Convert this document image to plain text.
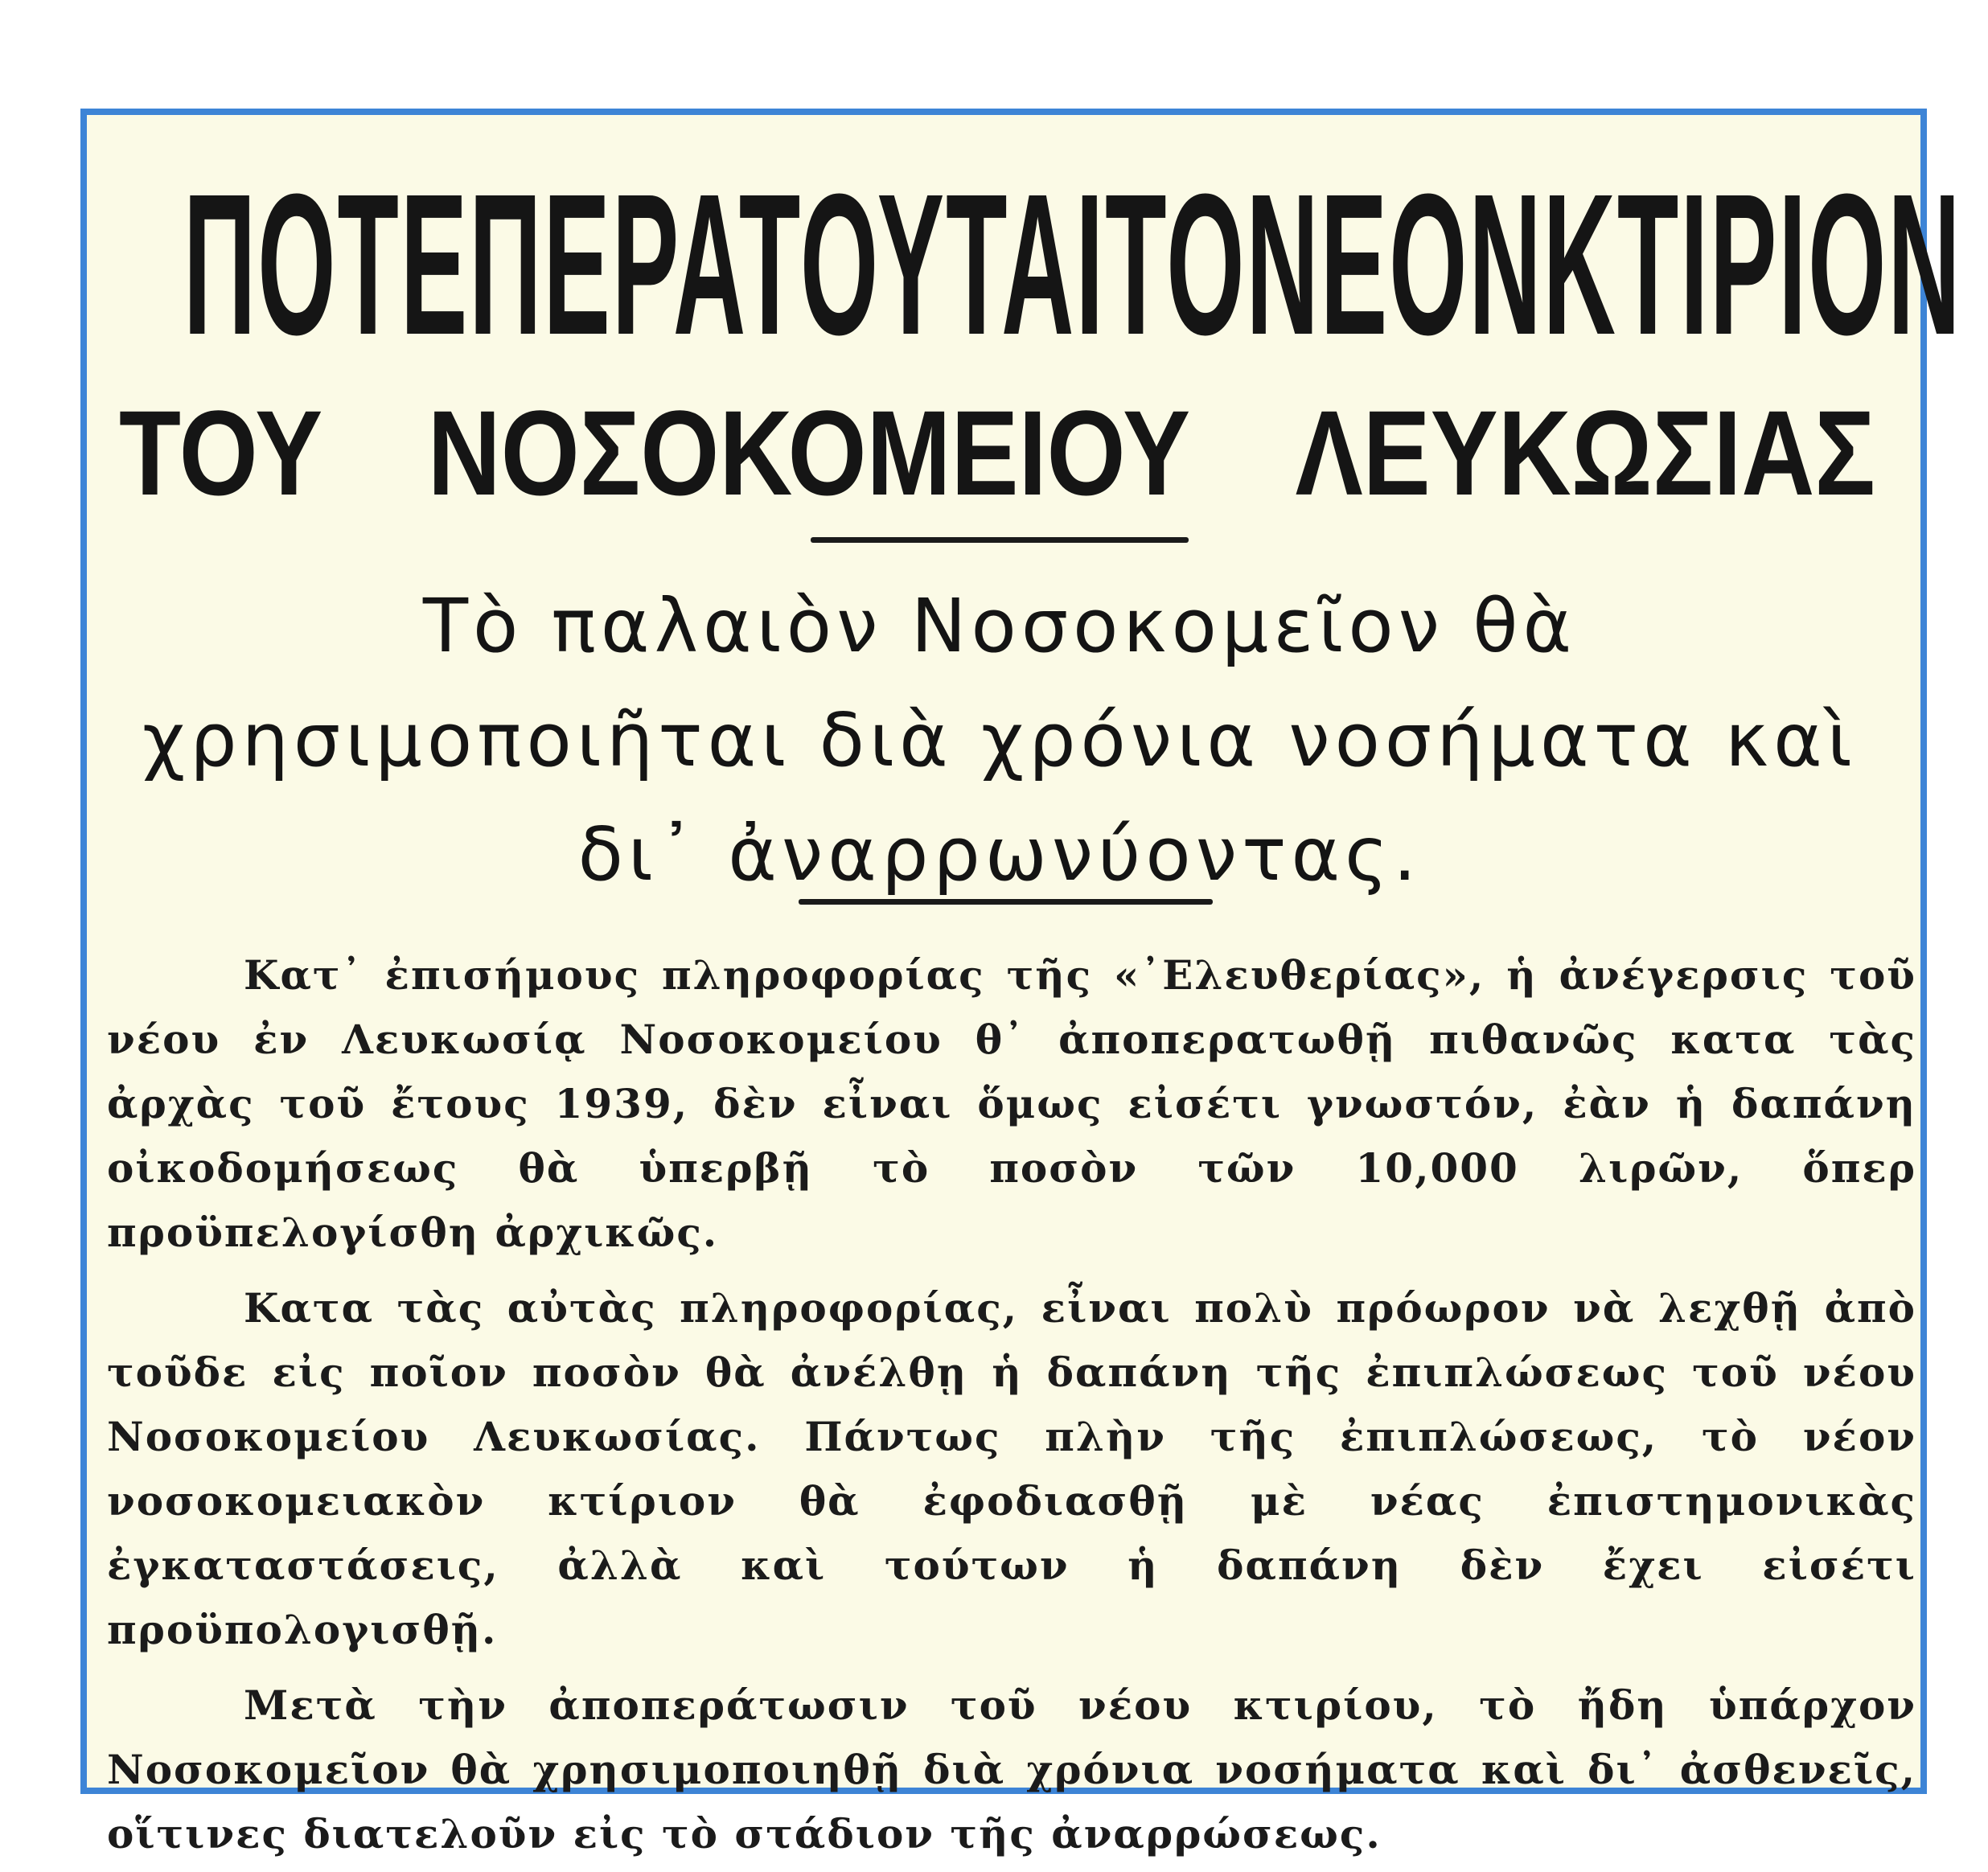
ΠΟΤΕ ΠΕΡΑΤΟΥΤΑΙ ΤΟ ΝΕΟΝ ΚΤΙΡΙΟΝ
ΤΟΥ ΝΟΣΟΚΟΜΕΙΟΥ ΛΕΥΚΩΣΙΑΣ
Τὸ παλαιὸν Νοσοκομεῖον θὰ χρησιμοποιῆται διὰ χρόνια νοσήματα καὶ δι᾽ ἀναρρωνύοντας.

Κατ᾽ ἐπισήμους πληροφορίας τῆς «᾽Ελευθερίας», ἡ ἀνέγερσις τοῦ νέου ἐν Λευκωσίᾳ Νοσοκομείου θ᾽ ἀποπερατωθῇ πιθανῶς κατα τὰς ἀρχὰς τοῦ ἔτους 1939, δὲν εἶναι ὅμως εἰσέτι γνωστόν, ἐὰν ἡ δαπάνη οἰκοδομήσεως θὰ ὑπερβῇ τὸ ποσὸν τῶν 10,000 λιρῶν, ὅπερ προϋπελογίσθη ἀρχικῶς.

Κατα τὰς αὐτὰς πληροφορίας, εἶναι πολὺ πρόωρον νὰ λεχθῇ ἀπὸ τοῦδε εἰς ποῖον ποσὸν θὰ ἀνέλθῃ ἡ δαπάνη τῆς ἐπιπλώσεως τοῦ νέου Νοσοκομείου Λευκωσίας. Πάντως πλὴν τῆς ἐπιπλώσεως, τὸ νέον νοσοκομειακὸν κτίριον θὰ ἐφοδιασθῇ μὲ νέας ἐπιστημονικὰς ἐγκαταστάσεις, ἀλλὰ καὶ τούτων ἡ δαπάνη δὲν ἔχει εἰσέτι προϋπολογισθῇ.

Μετὰ τὴν ἀποπεράτωσιν τοῦ νέου κτιρίου, τὸ ἤδη ὑπάρχον Νοσοκομεῖον θὰ χρησιμοποιηθῇ διὰ χρόνια νοσήματα καὶ δι᾽ ἀσθενεῖς, οἵτινες διατελοῦν εἰς τὸ στάδιον τῆς ἀναρρώσεως.
